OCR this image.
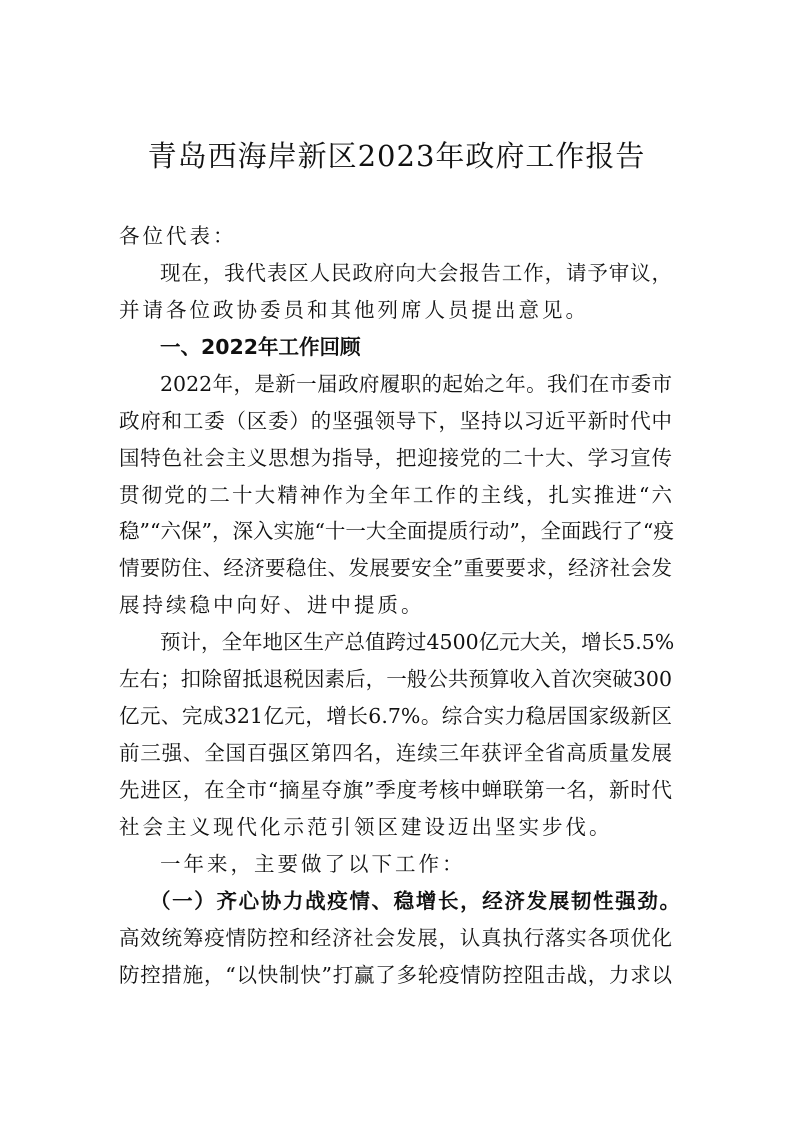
青岛西海岸新区2023年政府工作报告
各位代表：
现在，我代表区人民政府向大会报告工作，请予审议，
并请各位政协委员和其他列席人员提出意见。
一、2022年工作回顾
2022年，是新一届政府履职的起始之年。我们在市委市
政府和工委（区委）的坚强领导下，坚持以习近平新时代中
国特色社会主义思想为指导，把迎接党的二十大、学习宣传
贯彻党的二十大精神作为全年工作的主线，扎实推进“六
稳”“六保”，深入实施“十一大全面提质行动”，全面践行了“疫
情要防住、经济要稳住、发展要安全”重要要求，经济社会发
展持续稳中向好、进中提质。
预计，全年地区生产总值跨过4500亿元大关，增长5.5%
左右；扣除留抵退税因素后，一般公共预算收入首次突破300
亿元、完成321亿元，增长6.7%。综合实力稳居国家级新区
前三强、全国百强区第四名，连续三年获评全省高质量发展
先进区，在全市“摘星夺旗”季度考核中蝉联第一名，新时代
社会主义现代化示范引领区建设迈出坚实步伐。
一年来，主要做了以下工作：
（一）齐心协力战疫情、稳增长，经济发展韧性强劲。
高效统筹疫情防控和经济社会发展，认真执行落实各项优化
防控措施，“以快制快”打赢了多轮疫情防控阻击战，力求以
